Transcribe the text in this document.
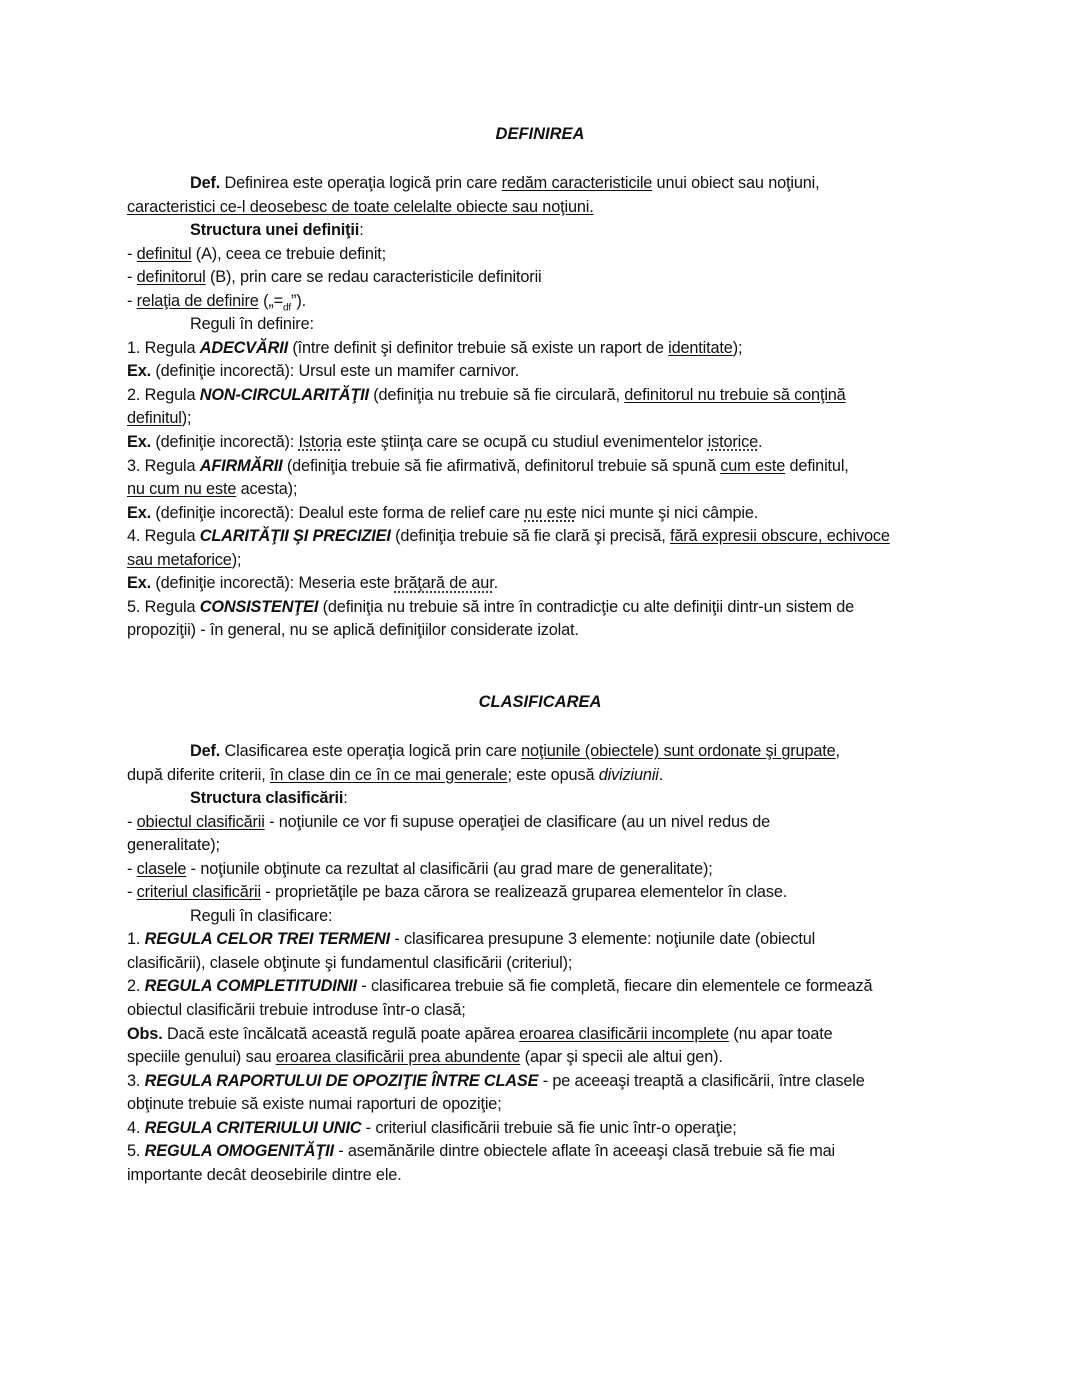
DEFINIREA
Def. Definirea este operaţia logică prin care redăm caracteristicile unui obiect sau noţiuni,
caracteristici ce-l deosebesc de toate celelalte obiecte sau noţiuni.
Structura unei definiţii:
- definitul (A), ceea ce trebuie definit;
- definitorul (B), prin care se redau caracteristicile definitorii
- relaţia de definire $(„=_{df}”)$.
Reguli în definire:
1. Regula ADECVĂRII (între definit şi definitor trebuie să existe un raport de identitate);
Ex. (definiţie incorectă): Ursul este un mamifer carnivor.
2. Regula NON-CIRCULARITĂŢII (definiţia nu trebuie să fie circulară, definitorul nu trebuie să conţină
definitul);
Ex. (definiţie incorectă): Istoria este ştiinţa care se ocupă cu studiul evenimentelor istorice.
3. Regula AFIRMĂRII (definiţia trebuie să fie afirmativă, definitorul trebuie să spună cum este definitul,
nu cum nu este acesta);
Ex. (definiţie incorectă): Dealul este forma de relief care nu este nici munte şi nici câmpie.
4. Regula CLARITĂŢII ŞI PRECIZIEI (definiţia trebuie să fie clară şi precisă, fără expresii obscure, echivoce
sau metaforice);
Ex. (definiţie incorectă): Meseria este brăţară de aur.
5. Regula CONSISTENŢEI (definiţia nu trebuie să intre în contradicţie cu alte definiţii dintr-un sistem de
propoziţii) - în general, nu se aplică definiţiilor considerate izolat.
CLASIFICAREA
Def. Clasificarea este operaţia logică prin care noţiunile (obiectele) sunt ordonate şi grupate,
după diferite criterii, în clase din ce în ce mai generale; este opusă diviziunii.
Structura clasificării:
- obiectul clasificării - noţiunile ce vor fi supuse operaţiei de clasificare (au un nivel redus de
generalitate);
- clasele - noţiunile obţinute ca rezultat al clasificării (au grad mare de generalitate);
- criteriul clasificării - proprietăţile pe baza cărora se realizează gruparea elementelor în clase.
Reguli în clasificare:
1. REGULA CELOR TREI TERMENI - clasificarea presupune 3 elemente: noţiunile date (obiectul
clasificării), clasele obţinute şi fundamentul clasificării (criteriul);
2. REGULA COMPLETITUDINII - clasificarea trebuie să fie completă, fiecare din elementele ce formează
obiectul clasificării trebuie introduse într-o clasă;
Obs. Dacă este încălcată această regulă poate apărea eroarea clasificării incomplete (nu apar toate
speciile genului) sau eroarea clasificării prea abundente (apar şi specii ale altui gen).
3. REGULA RAPORTULUI DE OPOZIŢIE ÎNTRE CLASE - pe aceeaşi treaptă a clasificării, între clasele
obţinute trebuie să existe numai raporturi de opoziţie;
4. REGULA CRITERIULUI UNIC - criteriul clasificării trebuie să fie unic într-o operaţie;
5. REGULA OMOGENITĂŢII - asemănările dintre obiectele aflate în aceeaşi clasă trebuie să fie mai
importante decât deosebirile dintre ele.
